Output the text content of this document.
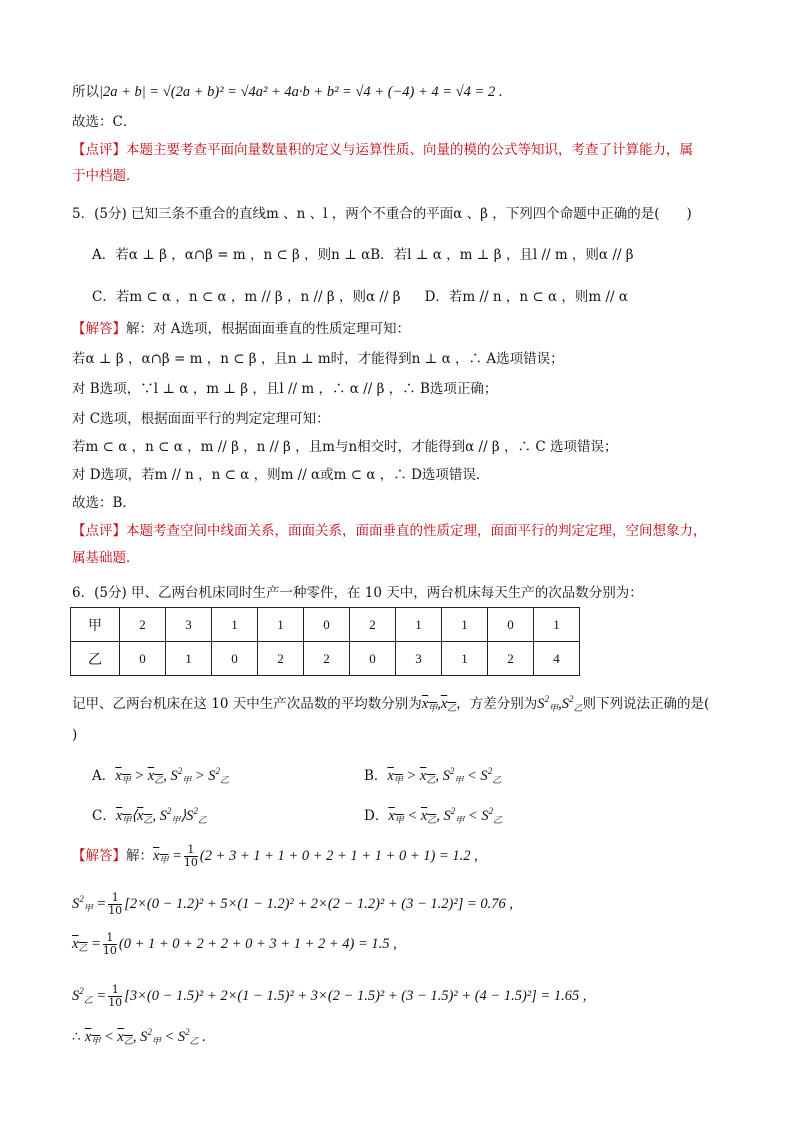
所以|2a + b| = √(2a + b)² = √4a² + 4a·b + b² = √4 + (−4) + 4 = √4 = 2 .
故选：C．
【点评】本题主要考查平面向量数量积的定义与运算性质、向量的模的公式等知识，考查了计算能力，属
于中档题．
5．(5分) 已知三条不重合的直线m 、n 、l ，两个不重合的平面α 、β ，下列四个命题中正确的是(　　)
A．若α ⊥ β ，α∩β = m ，n ⊂ β ，则n ⊥ αB．若l ⊥ α ，m ⊥ β ，且l // m ，则α // β
C．若m ⊂ α ，n ⊂ α ，m // β ，n // β ，则α // β D．若m // n ，n ⊂ α ，则m // α
【解答】解：对 A选项，根据面面垂直的性质定理可知：
若α ⊥ β ，α∩β = m ，n ⊂ β ，且n ⊥ m时，才能得到n ⊥ α ，∴ A选项错误；
对 B选项，∵l ⊥ α ，m ⊥ β ，且l // m ，∴ α // β ，∴ B选项正确；
对 C选项，根据面面平行的判定定理可知：
若m ⊂ α ，n ⊂ α ，m // β ，n // β ，且m与n相交时，才能得到α // β ，∴ C 选项错误；
对 D选项，若m // n ，n ⊂ α ，则m // α或m ⊂ α ，∴ D选项错误．
故选：B．
【点评】本题考查空间中线面关系，面面关系，面面垂直的性质定理，面面平行的判定定理，空间想象力，
属基础题．
6．(5分) 甲、乙两台机床同时生产一种零件，在 10 天中，两台机床每天生产的次品数分别为：
甲	2	3	1	1	0	2	1	1	0	1
乙	0	1	0	2	2	0	3	1	2	4
记甲、乙两台机床在这 10 天中生产次品数的平均数分别为$x_甲,x_乙$，方差分别为$S^2_甲,S^2_乙$则下列说法正确的是(
)
A．$x_甲 > x_乙$, $S^2_甲 > S^2_乙$	B．$x_甲 > x_乙$, $S^2_甲 < S^2_乙$
C．$x_甲⟨x_乙$, $S^2_甲⟩S^2_乙$	D．$x_甲 < x_乙$, $S^2_甲 < S^2_乙$
【解答】解：$x_甲 = \frac{1}{10} (2 + 3 + 1 + 1 + 0 + 2 + 1 + 1 + 0 + 1) = 1.2$ ,
$S^2_甲 = \frac{1}{10} [2\times(0 - 1.2)^2 + 5\times(1 - 1.2)^2 + 2\times(2 - 1.2)^2 + (3 - 1.2)^2] = 0.76$ ,
$x_乙 = \frac{1}{10} (0 + 1 + 0 + 2 + 2 + 0 + 3 + 1 + 2 + 4) = 1.5$ ,
$S^2_乙 = \frac{1}{10} [3\times(0 - 1.5)^2 + 2\times(1 - 1.5)^2 + 3\times(2 - 1.5)^2 + (3 - 1.5)^2 + (4 - 1.5)^2] = 1.65$ ,
∴ $x_甲 < x_乙$, $S^2_甲 < S^2_乙$ .
